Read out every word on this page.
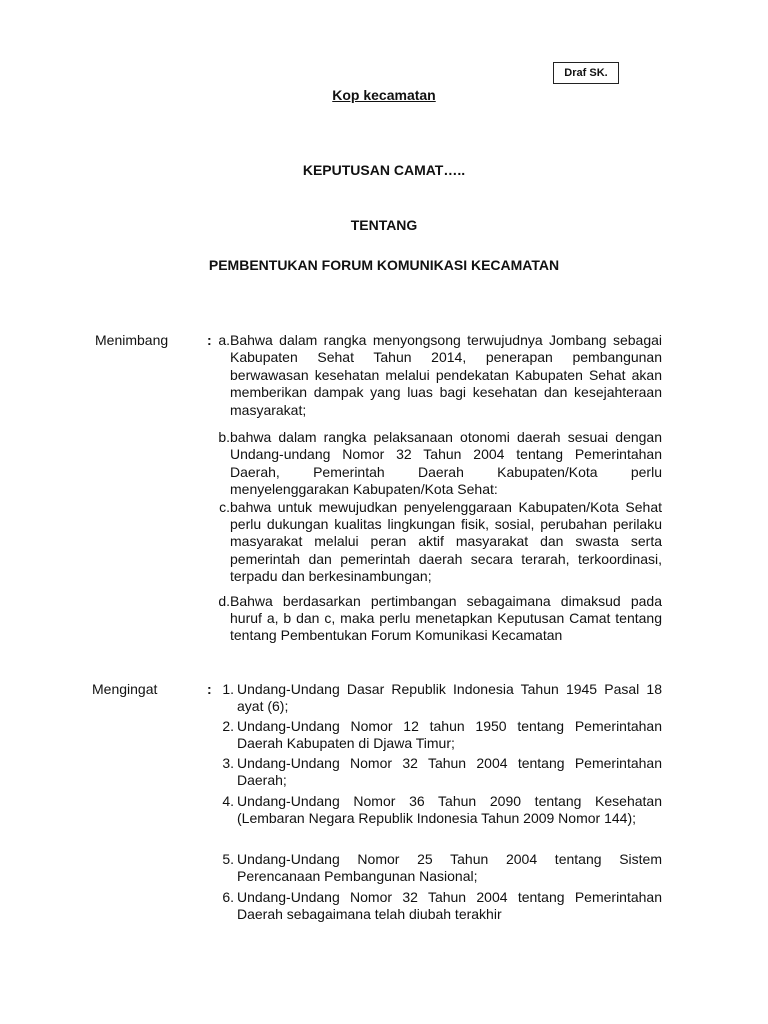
Draf SK.
Kop kecamatan
KEPUTUSAN CAMAT…..
TENTANG
PEMBENTUKAN FORUM KOMUNIKASI KECAMATAN
Menimbang	: a. Bahwa dalam rangka menyongsong terwujudnya Jombang sebagai Kabupaten Sehat Tahun 2014, penerapan pembangunan berwawasan kesehatan melalui pendekatan Kabupaten Sehat akan memberikan dampak yang luas bagi kesehatan dan kesejahteraan masyarakat;
b. bahwa dalam rangka pelaksanaan otonomi daerah sesuai dengan Undang-undang Nomor 32 Tahun 2004 tentang Pemerintahan Daerah, Pemerintah Daerah Kabupaten/Kota perlu menyelenggarakan Kabupaten/Kota Sehat:
c. bahwa untuk mewujudkan penyelenggaraan Kabupaten/Kota Sehat perlu dukungan kualitas lingkungan fisik, sosial, perubahan perilaku masyarakat melalui peran aktif masyarakat dan swasta serta pemerintah dan pemerintah daerah secara terarah, terkoordinasi, terpadu dan berkesinambungan;
d. Bahwa berdasarkan pertimbangan sebagaimana dimaksud pada huruf a, b dan c, maka perlu menetapkan Keputusan Camat tentang tentang Pembentukan Forum Komunikasi Kecamatan
Mengingat	: 1. Undang-Undang Dasar Republik Indonesia Tahun 1945 Pasal 18 ayat (6);
2. Undang-Undang Nomor 12 tahun 1950 tentang Pemerintahan Daerah Kabupaten di Djawa Timur;
3. Undang-Undang Nomor 32 Tahun 2004 tentang Pemerintahan Daerah;
4. Undang-Undang Nomor 36 Tahun 2090 tentang Kesehatan (Lembaran Negara Republik Indonesia Tahun 2009 Nomor 144);
5. Undang-Undang Nomor 25 Tahun 2004 tentang Sistem Perencanaan Pembangunan Nasional;
6. Undang-Undang Nomor 32 Tahun 2004 tentang Pemerintahan Daerah sebagaimana telah diubah terakhir
